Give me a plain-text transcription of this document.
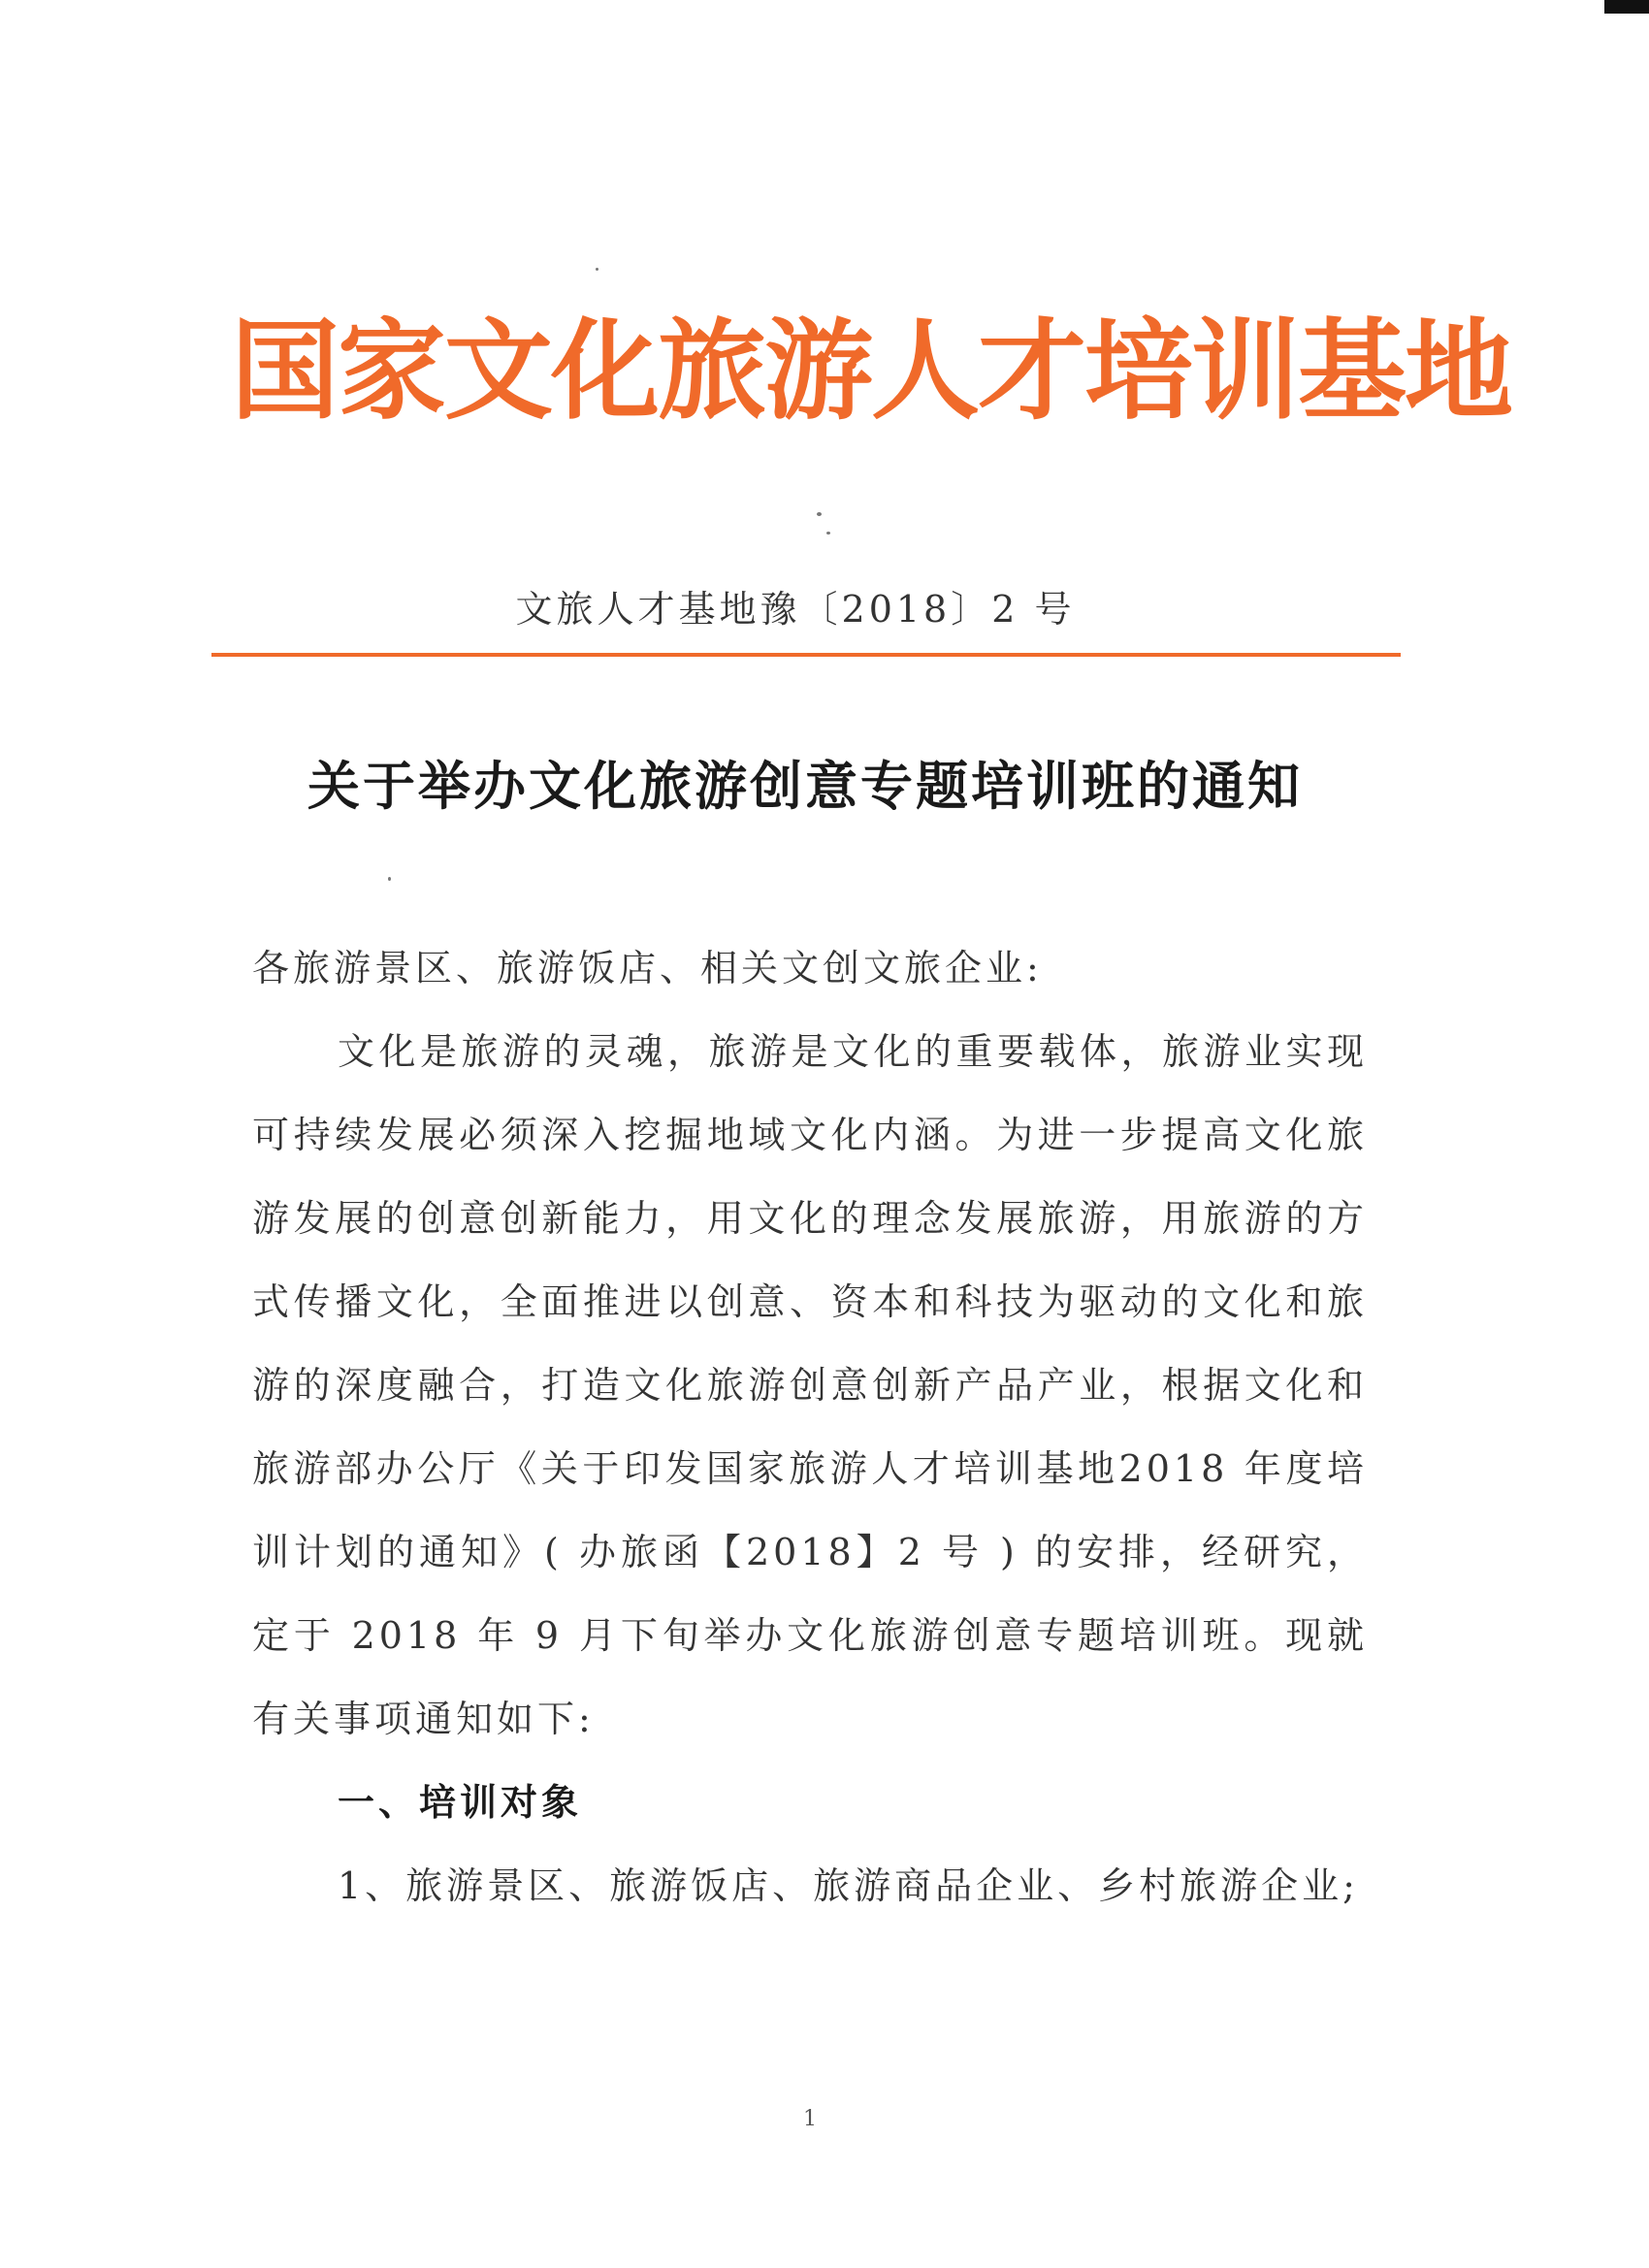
国家文化旅游人才培训基地
文旅人才基地豫〔2018〕2 号
关于举办文化旅游创意专题培训班的通知

各旅游景区、旅游饭店、相关文创文旅企业:

文化是旅游的灵魂，旅游是文化的重要载体，旅游业实现可持续发展必须深入挖掘地域文化内涵。为进一步提高文化旅游发展的创意创新能力，用文化的理念发展旅游，用旅游的方式传播文化，全面推进以创意、资本和科技为驱动的文化和旅游的深度融合，打造文化旅游创意创新产品产业，根据文化和旅游部办公厅《关于印发国家旅游人才培训基地2018 年度培训计划的通知》( 办旅函【2018】2 号 ) 的安排，经研究，定于 2018 年 9 月下旬举办文化旅游创意专题培训班。现就有关事项通知如下:

一、培训对象

1、旅游景区、旅游饭店、旅游商品企业、乡村旅游企业;

1
